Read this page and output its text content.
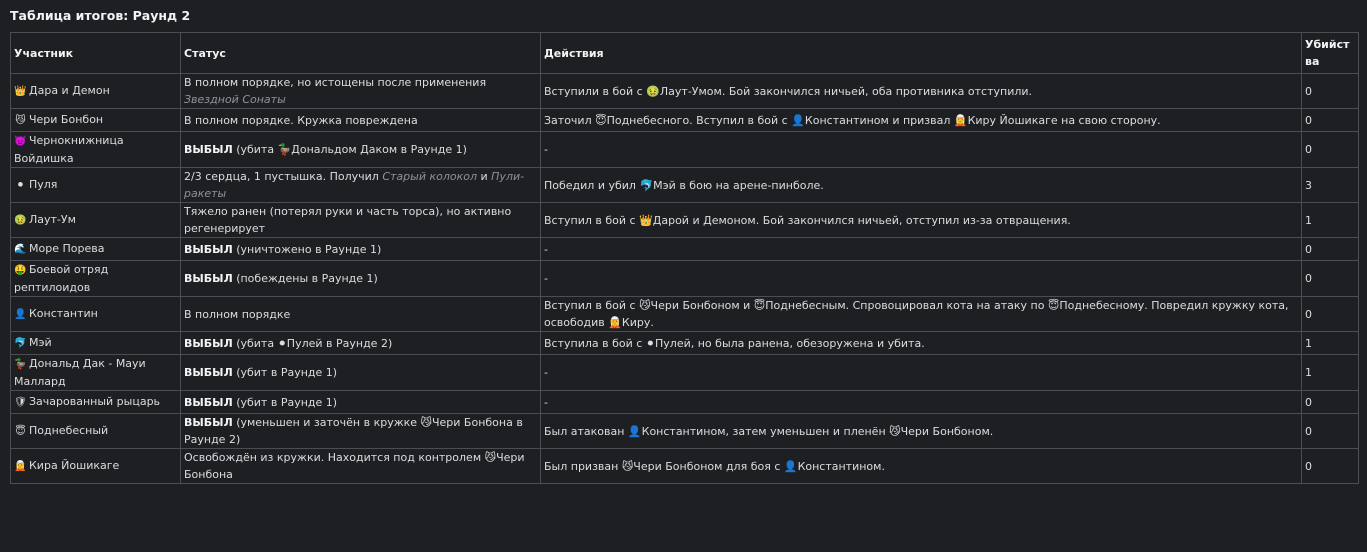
Таблица итогов: Раунд 2
Участник	Статус	Действия	Убийства
👑 Дара и Демон	В полном порядке, но истощены после применения Звездной Сонаты	Вступили в бой с 🤢Лаут-Умом. Бой закончился ничьей, оба противника отступили.	0
😼 Чери Бонбон	В полном порядке. Кружка повреждена	Заточил 😇Поднебесного. Вступил в бой с 👤Константином и призвал 🧝Киру Йошикаге на свою сторону.	0
👿 Чернокнижница Войдишка	ВЫБЫЛ (убита 🦆Дональдом Даком в Раунде 1)	-	0
⚫ Пуля	2/3 сердца, 1 пустышка. Получил Старый колокол и Пули-ракеты	Победил и убил 🐬Мэй в бою на арене-пинболе.	3
🤢 Лаут-Ум	Тяжело ранен (потерял руки и часть торса), но активно регенерирует	Вступил в бой с 👑Дарой и Демоном. Бой закончился ничьей, отступил из-за отвращения.	1
🌊 Море Порева	ВЫБЫЛ (уничтожено в Раунде 1)	-	0
🤑 Боевой отряд рептилоидов	ВЫБЫЛ (побеждены в Раунде 1)	-	0
👤 Константин	В полном порядке	Вступил в бой с 😼Чери Бонбоном и 😇Поднебесным. Спровоцировал кота на атаку по 😇Поднебесному. Повредил кружку кота, освободив 🧝Киру.	0
🐬 Мэй	ВЫБЫЛ (убита ⚫Пулей в Раунде 2)	Вступила в бой с ⚫Пулей, но была ранена, обезоружена и убита.	1
🦆 Дональд Дак - Мауи Маллард	ВЫБЫЛ (убит в Раунде 1)	-	1
🛡 Зачарованный рыцарь	ВЫБЫЛ (убит в Раунде 1)	-	0
😇 Поднебесный	ВЫБЫЛ (уменьшен и заточён в кружке 😼Чери Бонбона в Раунде 2)	Был атакован 👤Константином, затем уменьшен и пленён 😼Чери Бонбоном.	0
🧝 Кира Йошикаге	Освобождён из кружки. Находится под контролем 😼Чери Бонбона	Был призван 😼Чери Бонбоном для боя с 👤Константином.	0
